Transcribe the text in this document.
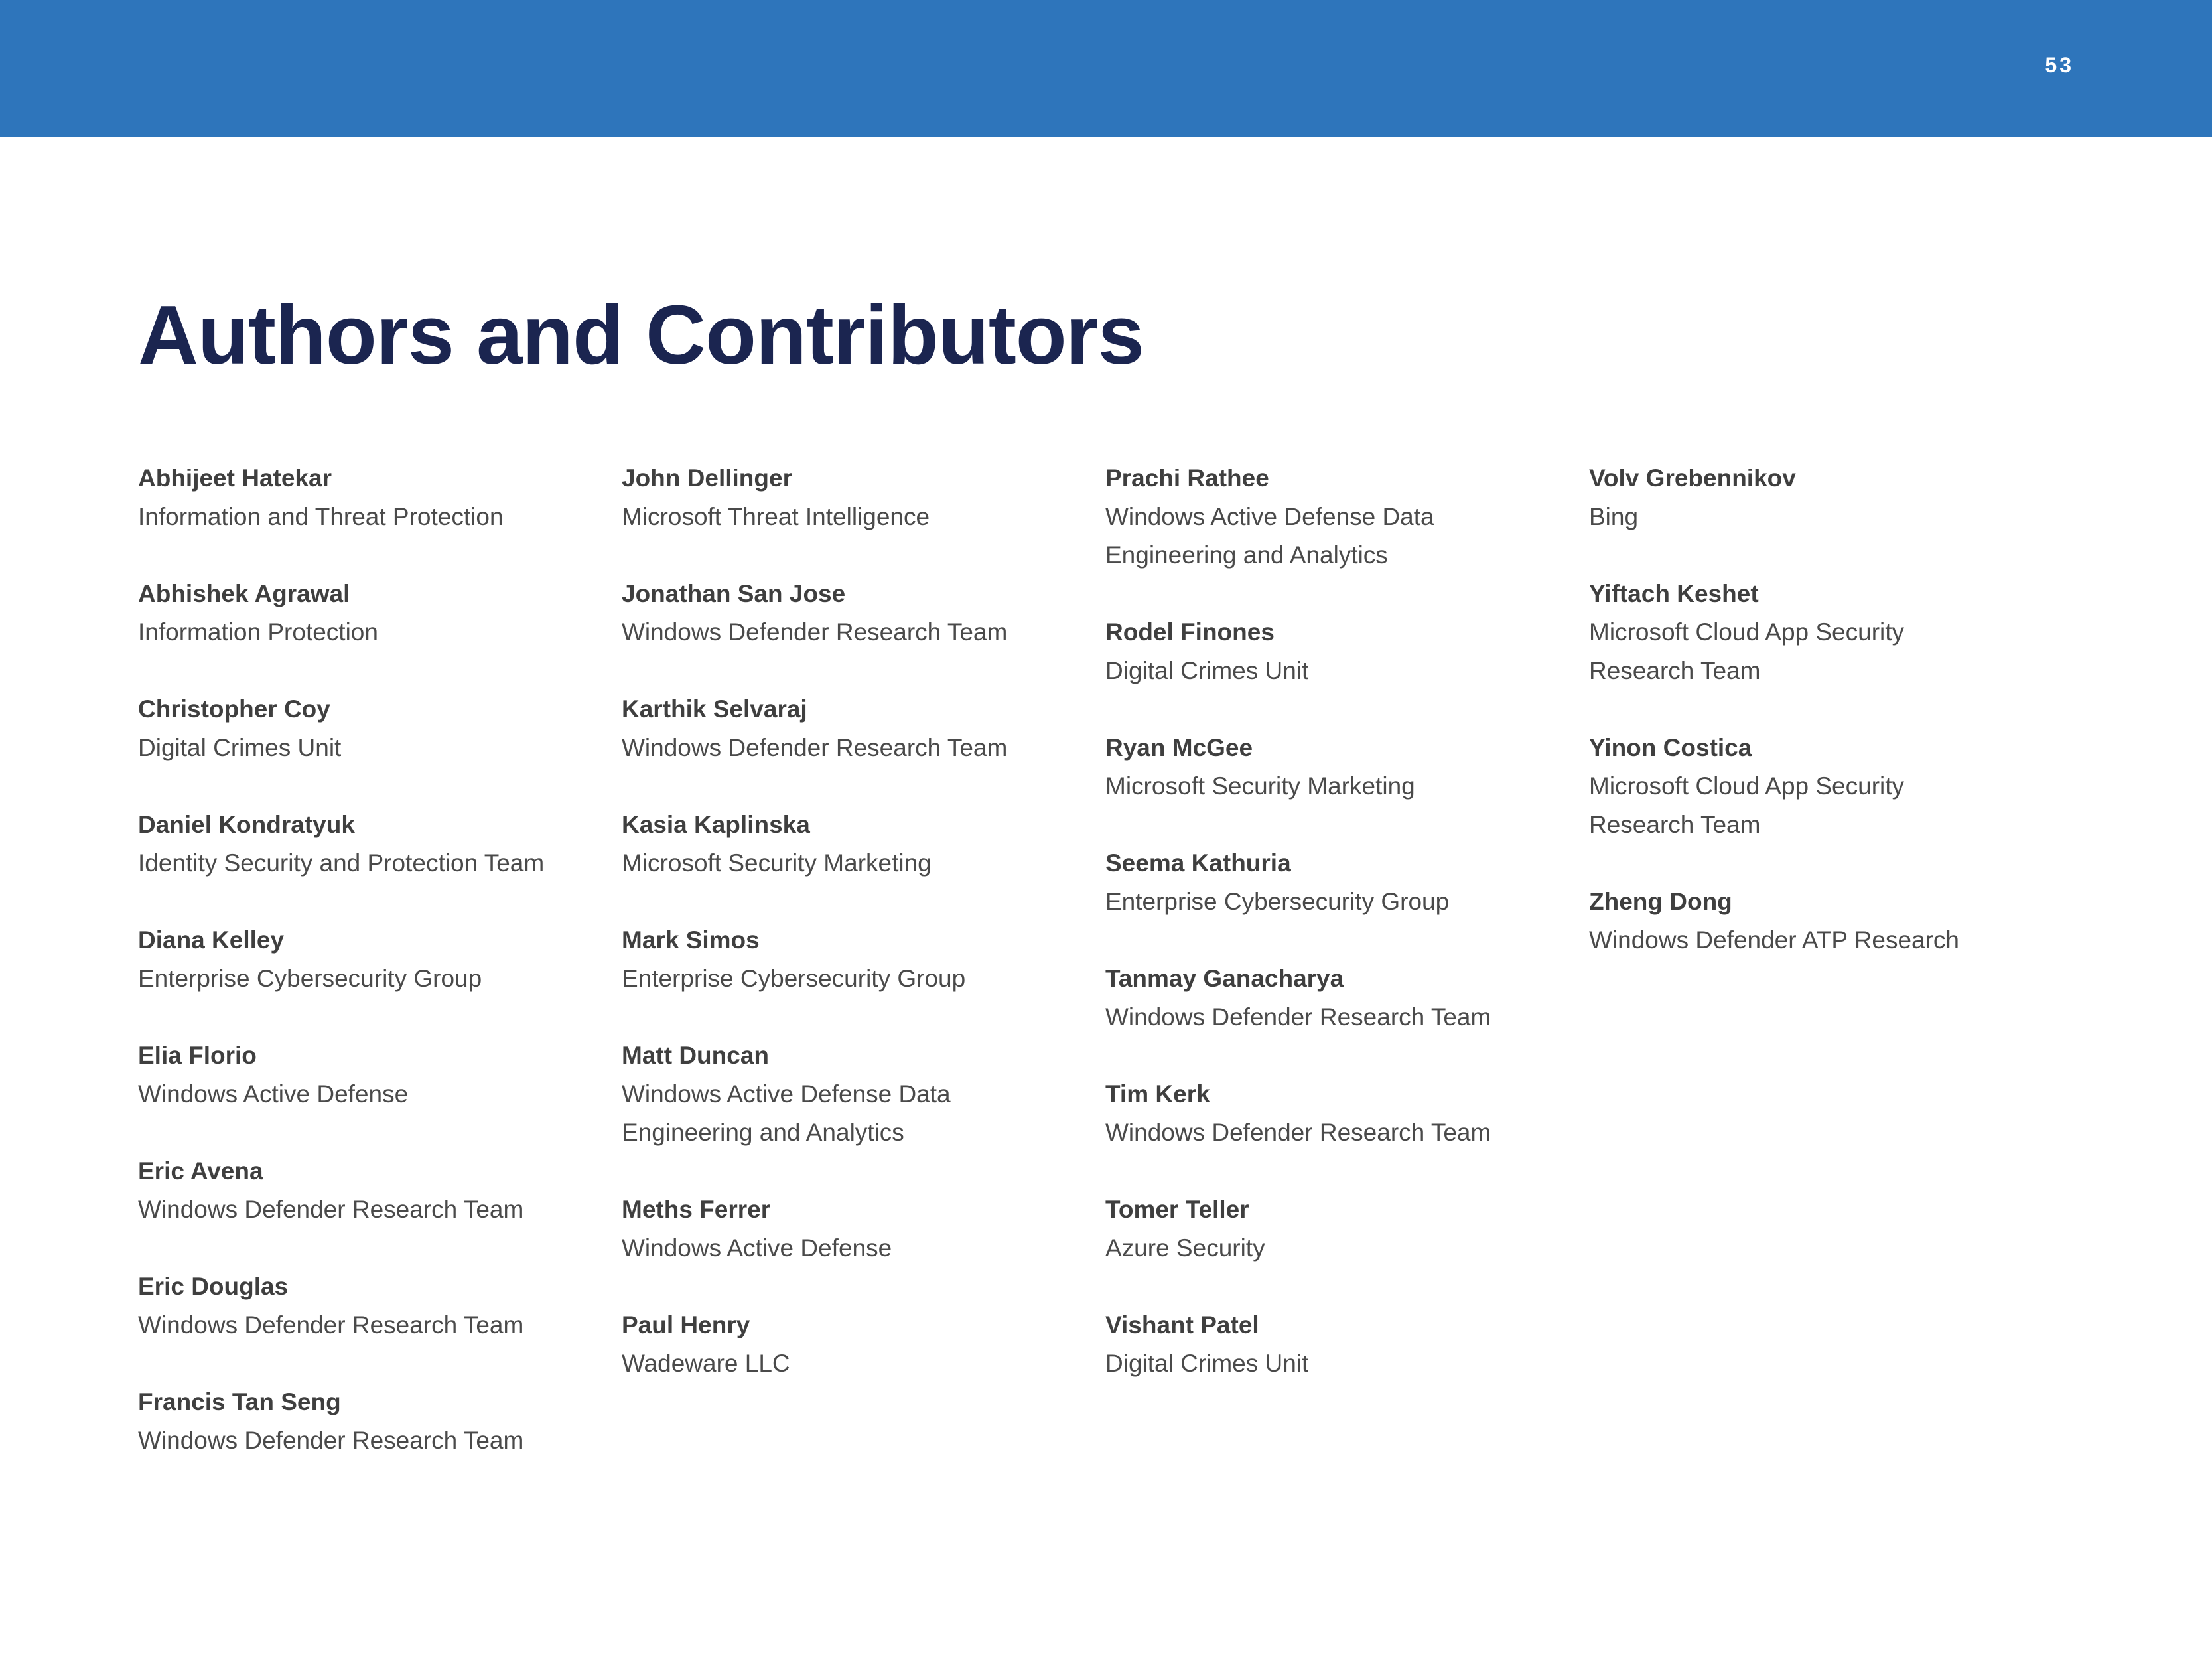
53
Authors and Contributors
Abhijeet Hatekar
Information and Threat Protection
Abhishek Agrawal
Information Protection
Christopher Coy
Digital Crimes Unit
Daniel Kondratyuk
Identity Security and Protection Team
Diana Kelley
Enterprise Cybersecurity Group
Elia Florio
Windows Active Defense
Eric Avena
Windows Defender Research Team
Eric Douglas
Windows Defender Research Team
Francis Tan Seng
Windows Defender Research Team
John Dellinger
Microsoft Threat Intelligence
Jonathan San Jose
Windows Defender Research Team
Karthik Selvaraj
Windows Defender Research Team
Kasia Kaplinska
Microsoft Security Marketing
Mark Simos
Enterprise Cybersecurity Group
Matt Duncan
Windows Active Defense Data
Engineering and Analytics
Meths Ferrer
Windows Active Defense
Paul Henry
Wadeware LLC
Prachi Rathee
Windows Active Defense Data
Engineering and Analytics
Rodel Finones
Digital Crimes Unit
Ryan McGee
Microsoft Security Marketing
Seema Kathuria
Enterprise Cybersecurity Group
Tanmay Ganacharya
Windows Defender Research Team
Tim Kerk
Windows Defender Research Team
Tomer Teller
Azure Security
Vishant Patel
Digital Crimes Unit
Volv Grebennikov
Bing
Yiftach Keshet
Microsoft Cloud App Security
Research Team
Yinon Costica
Microsoft Cloud App Security
Research Team
Zheng Dong
Windows Defender ATP Research
